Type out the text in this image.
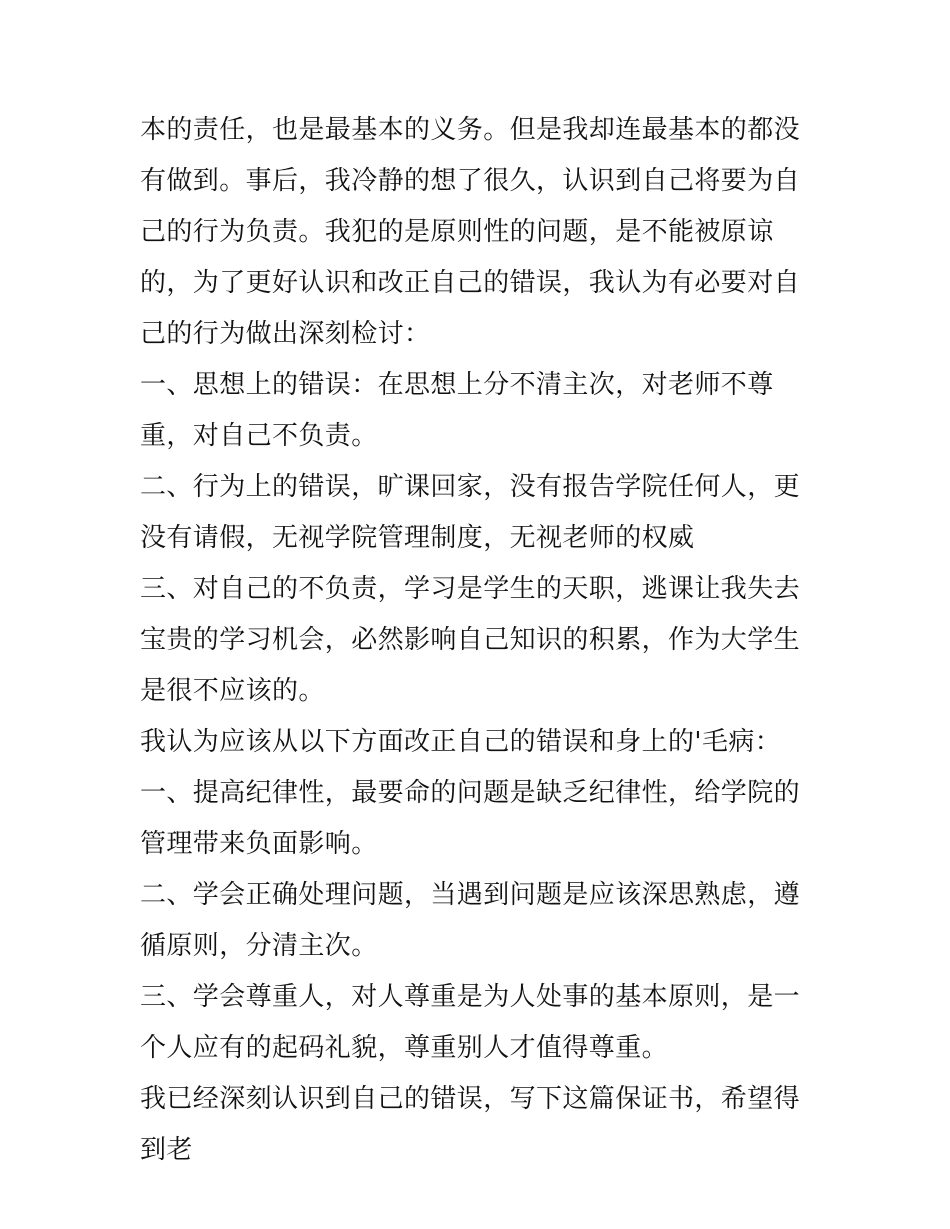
本的责任，也是最基本的义务。但是我却连最基本的都没有做到。事后，我冷静的想了很久，认识到自己将要为自己的行为负责。我犯的是原则性的问题，是不能被原谅的，为了更好认识和改正自己的错误，我认为有必要对自己的行为做出深刻检讨：

一、思想上的错误：在思想上分不清主次，对老师不尊重，对自己不负责。

二、行为上的错误，旷课回家，没有报告学院任何人，更没有请假，无视学院管理制度，无视老师的权威

三、对自己的不负责，学习是学生的天职，逃课让我失去宝贵的学习机会，必然影响自己知识的积累，作为大学生是很不应该的。

我认为应该从以下方面改正自己的错误和身上的'毛病： 一、提高纪律性，最要命的问题是缺乏纪律性，给学院的管理带来负面影响。

二、学会正确处理问题，当遇到问题是应该深思熟虑，遵循原则，分清主次。

三、学会尊重人，对人尊重是为人处事的基本原则，是一个人应有的起码礼貌，尊重别人才值得尊重。

我已经深刻认识到自己的错误，写下这篇保证书，希望得到老
